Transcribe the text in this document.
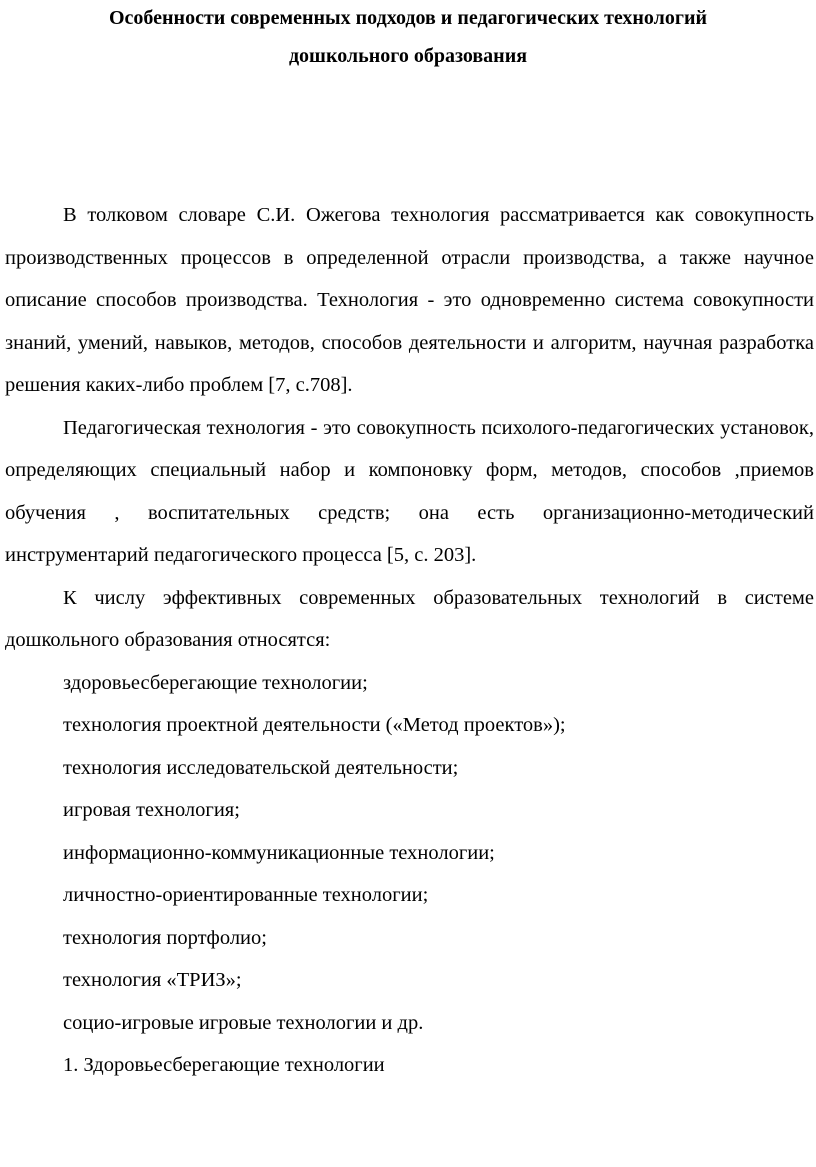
Особенности современных подходов и педагогических технологий
дошкольного образования

В толковом словаре С.И. Ожегова технология рассматривается как совокупность производственных процессов в определенной отрасли производства, а также научное описание способов производства. Технология - это одновременно система совокупности знаний, умений, навыков, методов, способов деятельности и алгоритм, научная разработка решения каких-либо проблем [7, с.708].

Педагогическая технология - это совокупность психолого-педагогических установок, определяющих специальный набор и компоновку форм, методов, способов ,приемов обучения , воспитательных средств; она есть организационно-методический инструментарий педагогического процесса [5, с. 203].

К числу эффективных современных образовательных технологий в системе дошкольного образования относятся:

здоровьесберегающие технологии;

технология проектной деятельности («Метод проектов»);

технология исследовательской деятельности;

игровая технология;

информационно-коммуникационные технологии;

личностно-ориентированные технологии;

технология портфолио;

технология «ТРИЗ»;

социо-игровые игровые технологии и др.

1. Здоровьесберегающие технологии
